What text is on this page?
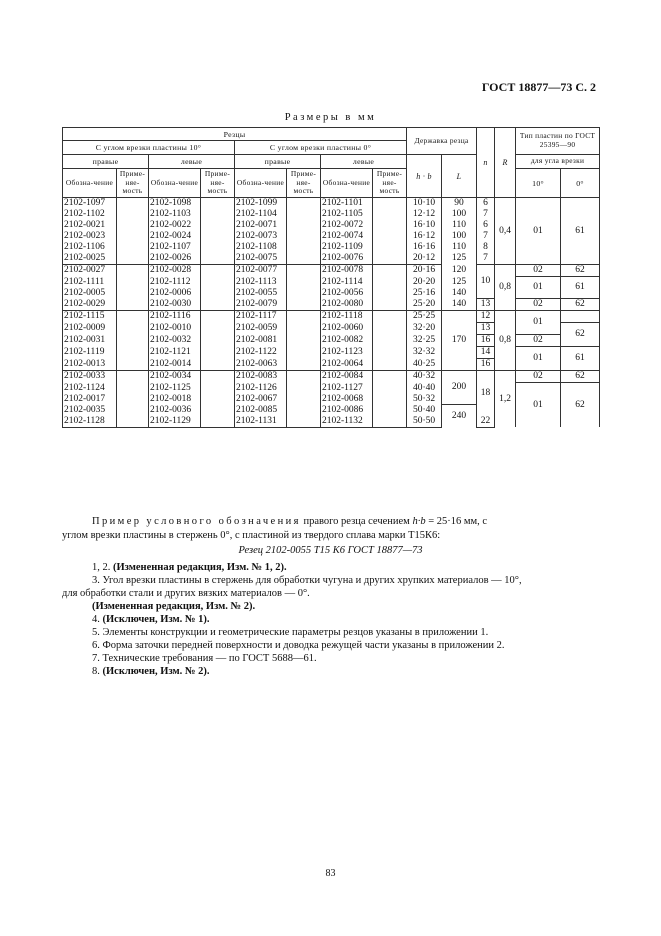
ГОСТ 18877—73 С. 2
Размеры в мм
Резцы								Державка резца		n	R	Тип пластин по ГОСТ 25395—90	
С углом врезки пластины 10°				С углом врезки пластины 0°									
правые		левые		правые		левые		h · b	L			для угла врезки	
Обозна-чение	Приме-няе-мость	Обозна-чение	Приме-няе-мость	Обозна-чение	Приме-няе-мость	Обозна-чение	Приме-няе-мость					10°	0°
2102-1097		2102-1098		2102-1099		2102-1101		10·10	90	6	0,4	01	61
2102-1102		2102-1103		2102-1104		2102-1105		12·12	100	7			
2102-0021		2102-0022		2102-0071		2102-0072		16·10	110	6			
2102-0023		2102-0024		2102-0073		2102-0074		16·12	100	7			
2102-1106		2102-1107		2102-1108		2102-1109		16·16	110	8			
2102-0025		2102-0026		2102-0075		2102-0076		20·12	125	7			
2102-0027		2102-0028		2102-0077		2102-0078		20·16	120	10	0,8	02	62
2102-1111		2102-1112		2102-1113		2102-1114		20·20	125			01	61
2102-0005		2102-0006		2102-0055		2102-0056		25·16	140				
2102-0029		2102-0030		2102-0079		2102-0080		25·20	140	13		02	62
2102-1115		2102-1116		2102-1117		2102-1118		25·25	170	12	0,8	01	
2102-0009		2102-0010		2102-0059		2102-0060		32·20		13			62
2102-0031		2102-0032		2102-0081		2102-0082		32·25		16		02	
2102-1119		2102-1121		2102-1122		2102-1123		32·32		14		01	61
2102-0013		2102-0014		2102-0063		2102-0064		40·25		16			
2102-0033		2102-0034		2102-0083		2102-0084		40·32	200	18	1,2	02	62
2102-1124		2102-1125		2102-1126		2102-1127		40·40				01	62
2102-0017		2102-0018		2102-0067		2102-0068		50·32					
2102-0035		2102-0036		2102-0085		2102-0086		50·40	240				
2102-1128		2102-1129		2102-1131		2102-1132		50·50		22			
Пример условного обозначения правого резца сечением h·b = 25·16 мм, с
углом врезки пластины в стержень 0°, с пластиной из твердого сплава марки Т15К6:
Резец 2102-0055 Т15 К6 ГОСТ 18877—73
1, 2. (Измененная редакция, Изм. № 1, 2).
3. Угол врезки пластины в стержень для обработки чугуна и других хрупких материалов — 10°,
для обработки стали и других вязких материалов — 0°.
(Измененная редакция, Изм. № 2).
4. (Исключен, Изм. № 1).
5. Элементы конструкции и геометрические параметры резцов указаны в приложении 1.
6. Форма заточки передней поверхности и доводка режущей части указаны в приложении 2.
7. Технические требования — по ГОСТ 5688—61.
8. (Исключен, Изм. № 2).
83
